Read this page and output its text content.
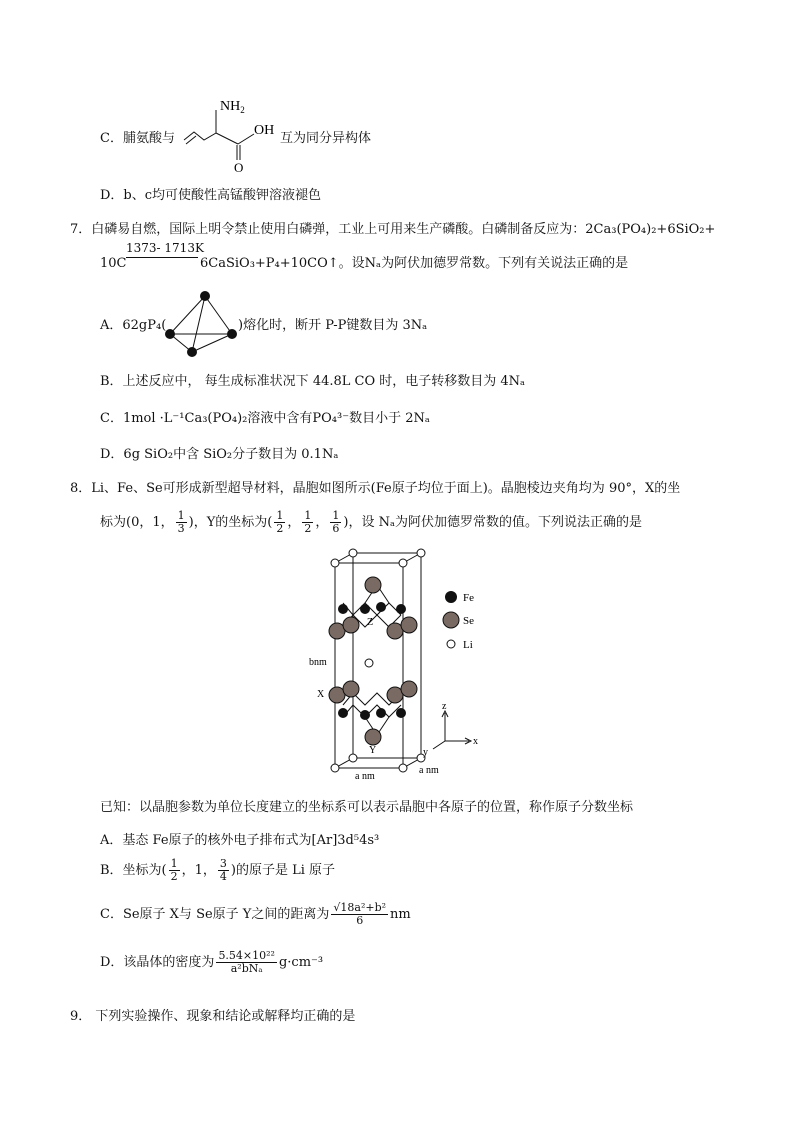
C．脯氨酸与
$NH_2$
OH
O
互为同分异构体
D．b、c均可使酸性高锰酸钾溶液褪色
7．白磷易自燃，国际上明令禁止使用白磷弹，工业上可用来生产磷酸。白磷制备反应为：2Ca₃(PO₄)₂+6SiO₂+
10C
1373- 1713K
6CaSiO₃+P₄+10CO↑。设Nₐ为阿伏加德罗常数。下列有关说法正确的是
A．62gP₄(	)熔化时，断开 P-P键数目为 3Nₐ
B．上述反应中， 每生成标准状况下 44.8L CO 时，电子转移数目为 4Nₐ
C．1mol ·L⁻¹Ca₃(PO₄)₂溶液中含有PO₄³⁻数目小于 2Nₐ
D．6g SiO₂中含 SiO₂分子数目为 0.1Nₐ
8．Li、Fe、Se可形成新型超导材料，晶胞如图所示(Fe原子均位于面上)。晶胞棱边夹角均为 90°，X的坐
标为(0，1， $\frac{1}{3}$ )，Y的坐标为( $\frac{1}{2}$ ， $\frac{1}{2}$ ， $\frac{1}{6}$ )，设 Nₐ为阿伏加德罗常数的值。下列说法正确的是
Fe
Se
Li
bnm
X
Y
Z
a nm
a nm
z
x
y
已知：以晶胞参数为单位长度建立的坐标系可以表示晶胞中各原子的位置，称作原子分数坐标
A．基态 Fe原子的核外电子排布式为[Ar]3d⁵4s³
B．坐标为( $\frac{1}{2}$ ，1， $\frac{3}{4}$ )的原子是 Li 原子
C．Se原子 X与 Se原子 Y之间的距离为 $\frac{\text{√18a²+b²}}{6}$ nm
D．该晶体的密度为 $\frac{\text{5.54×10²²}}{\text{a²bNₐ}} g\cdot cm^{-3}$
9． 下列实验操作、现象和结论或解释均正确的是
